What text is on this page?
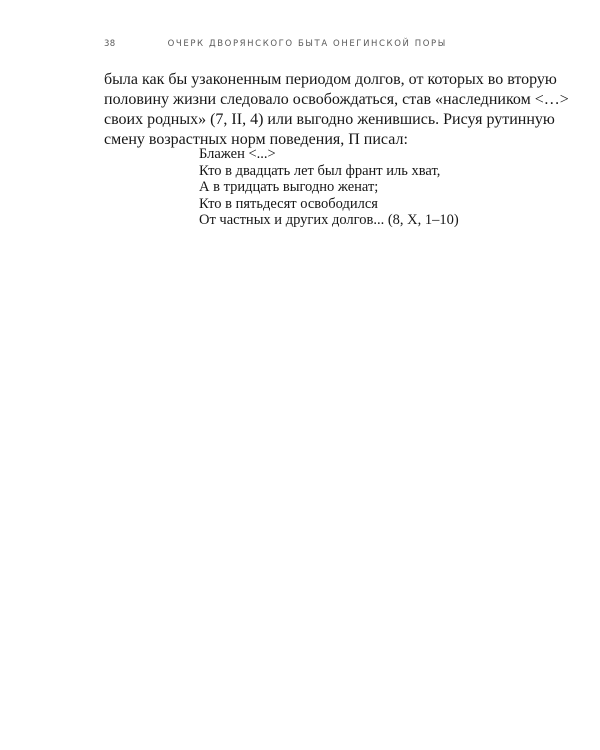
38	ОЧЕРК ДВОРЯНСКОГО БЫТА ОНЕГИНСКОЙ ПОРЫ
была как бы узаконенным периодом долгов, от которых во вторую
половину жизни следовало освобождаться, став «наследником <…>
своих родных» (7, II, 4) или выгодно женившись. Рисуя рутинную
смену возрастных норм поведения, П писал:
Блажен <...>
Кто в двадцать лет был франт иль хват,
А в тридцать выгодно женат;
Кто в пятьдесят освободился
От частных и других долгов... (8, X, 1–10)
